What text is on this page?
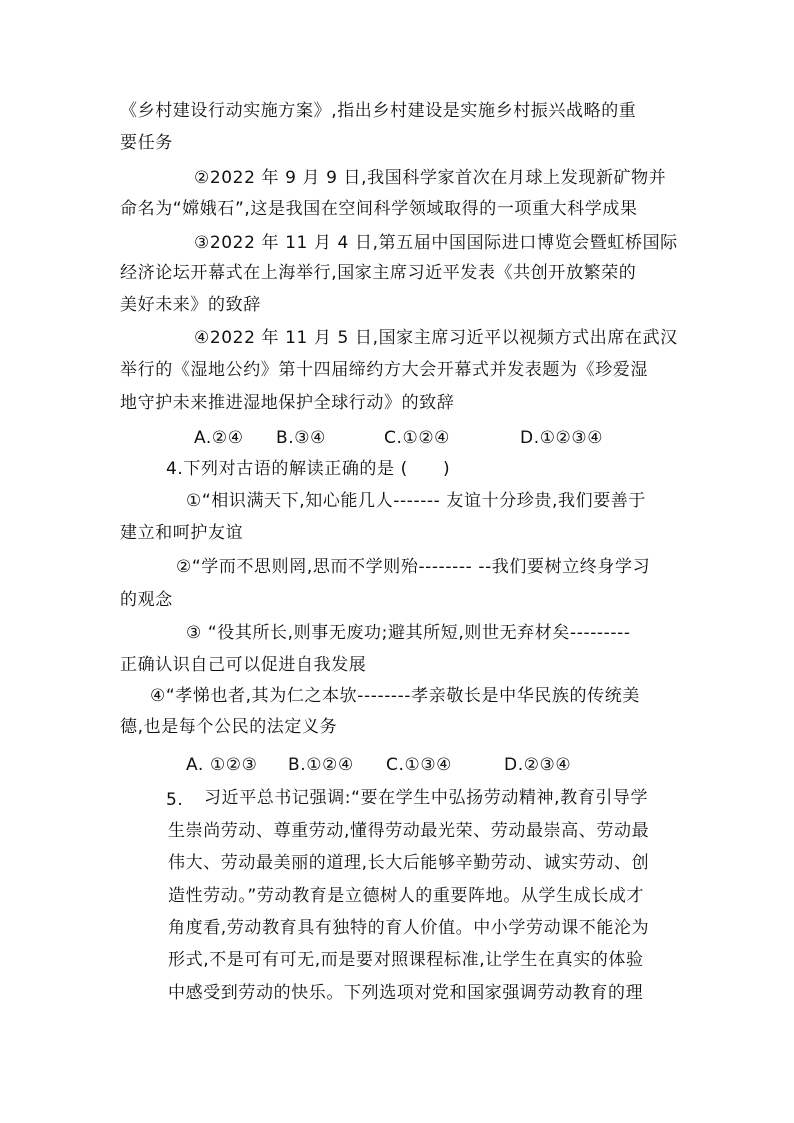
《乡村建设行动实施方案》,指出乡村建设是实施乡村振兴战略的重
要任务
②2022 年 9 月 9 日,我国科学家首次在月球上发现新矿物并
命名为“嫦娥石”,这是我国在空间科学领域取得的一项重大科学成果
③2022 年 11 月 4 日,第五届中国国际进口博览会暨虹桥国际
经济论坛开幕式在上海举行,国家主席习近平发表《共创开放繁荣的
美好未来》的致辞
④2022 年 11 月 5 日,国家主席习近平以视频方式出席在武汉
举行的《湿地公约》第十四届缔约方大会开幕式并发表题为《珍爱湿
地守护未来推进湿地保护全球行动》的致辞
A.②④ B.③④	C.①②④	D.①②③④
4.下列对古语的解读正确的是 (　　)
①“相识满天下,知心能几人------- 友谊十分珍贵,我们要善于
建立和呵护友谊
②“学而不思则罔,思而不学则殆-------- --我们要树立终身学习
的观念
③ “役其所长,则事无废功;避其所短,则世无弃材矣---------
正确认识自己可以促进自我发展
④“孝悌也者,其为仁之本欤--------孝亲敬长是中华民族的传统美
德,也是每个公民的法定义务
A. ①②③ B.①②④ C.①③④	D.②③④
5. 习近平总书记强调:“要在学生中弘扬劳动精神,教育引导学
生崇尚劳动、尊重劳动,懂得劳动最光荣、劳动最崇高、劳动最
伟大、劳动最美丽的道理,长大后能够辛勤劳动、诚实劳动、创
造性劳动。”劳动教育是立德树人的重要阵地。从学生成长成才
角度看,劳动教育具有独特的育人价值。中小学劳动课不能沦为
形式,不是可有可无,而是要对照课程标准,让学生在真实的体验
中感受到劳动的快乐。下列选项对党和国家强调劳动教育的理
